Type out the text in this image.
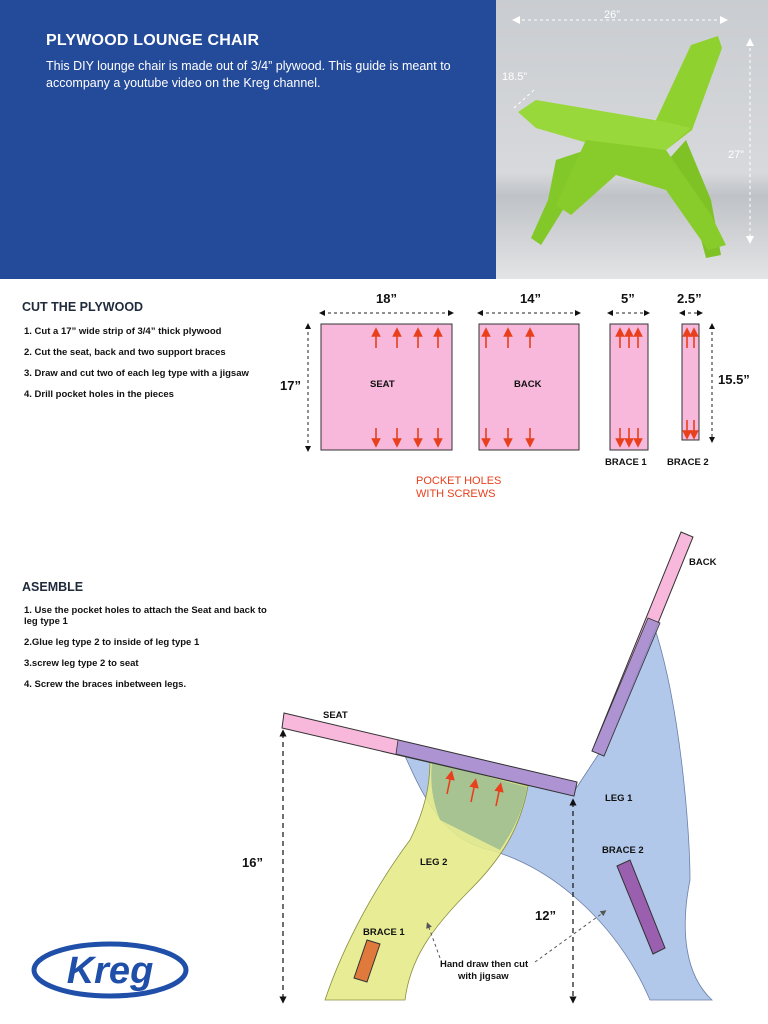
PLYWOOD LOUNGE CHAIR
This DIY lounge chair is made out of 3/4” plywood. This guide is meant to accompany a youtube video on the Kreg channel.
26”
18.5”
27”
CUT THE PLYWOOD
1. Cut a 17” wide strip of 3/4” thick plywood
2. Cut the seat, back and two support braces
3. Draw and cut two of each leg type with a jigsaw
4. Drill pocket holes in the pieces
ASEMBLE
1. Use the pocket holes to attach the Seat and back to leg type 1
2.Glue leg type 2 to inside of leg type 1
3.screw leg type 2 to seat
4. Screw the braces inbetween legs.
18”	14”	5”	2.5”
17”	15.5”
SEAT	BACK
BRACE 1 BRACE 2
POCKET HOLES
WITH SCREWS
16”
12”
BACK
SEAT
LEG 1
LEG 2
BRACE 2
BRACE 1
Hand draw then cut
with jigsaw
Kreg
